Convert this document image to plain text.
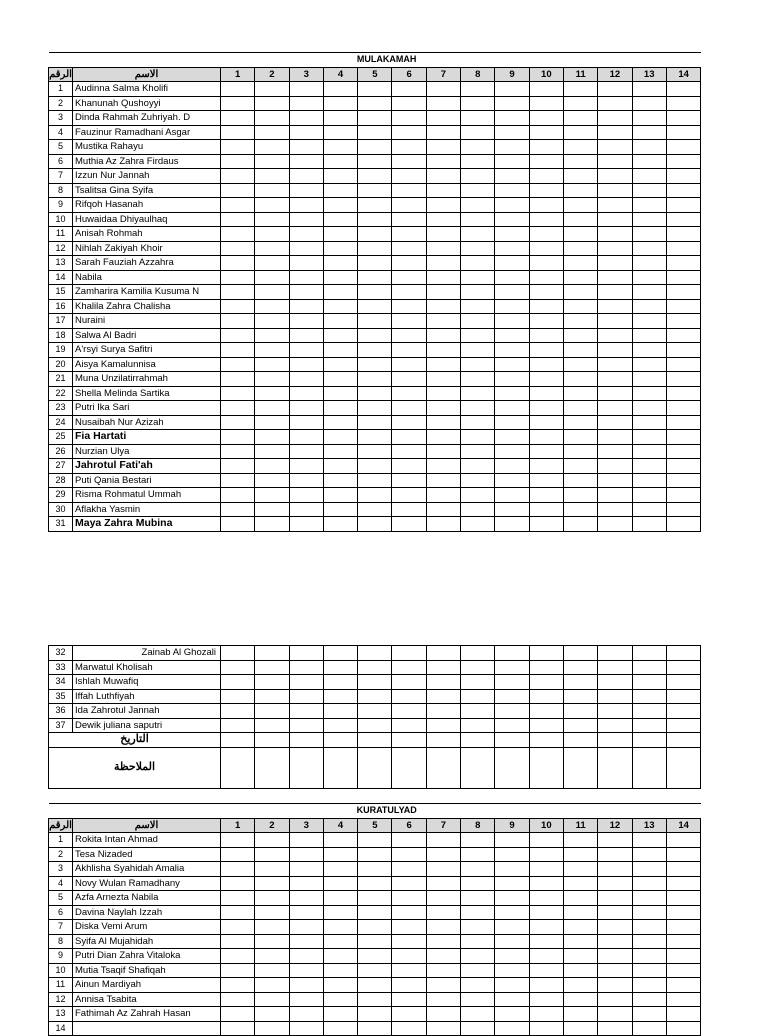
	MULAKAMAH														
الرقم	الاسم	1	2	3	4	5	6	7	8	9	10	11	12	13	14
1	Audinna Salma Kholifi														
2	Khanunah Qushoyyi														
3	Dinda Rahmah Zuhriyah. D														
4	Fauzinur Ramadhani Asgar														
5	Mustika Rahayu														
6	Muthia Az Zahra Firdaus														
7	Izzun Nur Jannah														
8	Tsalitsa Gina Syifa														
9	Rifqoh Hasanah														
10	Huwaidaa Dhiyaulhaq														
11	Anisah Rohmah														
12	Nihlah Zakiyah Khoir														
13	Sarah Fauziah Azzahra														
14	Nabila														
15	Zamharira Kamilia Kusuma N														
16	Khalila Zahra Chalisha														
17	Nuraini														
18	Salwa Al Badri														
19	A'rsyi Surya Safitri														
20	Aisya Kamalunnisa														
21	Muna Unzilatirrahmah														
22	Shella Melinda Sartika														
23	Putri Ika Sari														
24	Nusaibah Nur Azizah														
25	Fia Hartati														
26	Nurzian Ulya														
27	Jahrotul Fati'ah														
28	Puti Qania Bestari														
29	Risma Rohmatul Ummah														
30	Aflakha Yasmin														
31	Maya Zahra Mubina														
32	Zainab Al Ghozali														
33	Marwatul Kholisah														
34	Ishlah Muwafiq														
35	Iffah Luthfiyah														
36	Ida Zahrotul Jannah														
37	Dewik juliana saputri														
التاريخ															
الملاحظة															
	KURATULYAD														
الرقم	الاسم	1	2	3	4	5	6	7	8	9	10	11	12	13	14
1	Rokita Intan Ahmad														
2	Tesa Nizaded														
3	Akhlisha Syahidah Amalia														
4	Novy Wulan Ramadhany														
5	Azfa Arnezta Nabila														
6	Davina Naylah Izzah														
7	Diska Vemi Arum														
8	Syifa Al Mujahidah														
9	Putri Dian Zahra Vitaloka														
10	Mutia Tsaqif Shafiqah														
11	Ainun Mardiyah														
12	Annisa Tsabita														
13	Fathimah Az Zahrah Hasan														
14															
